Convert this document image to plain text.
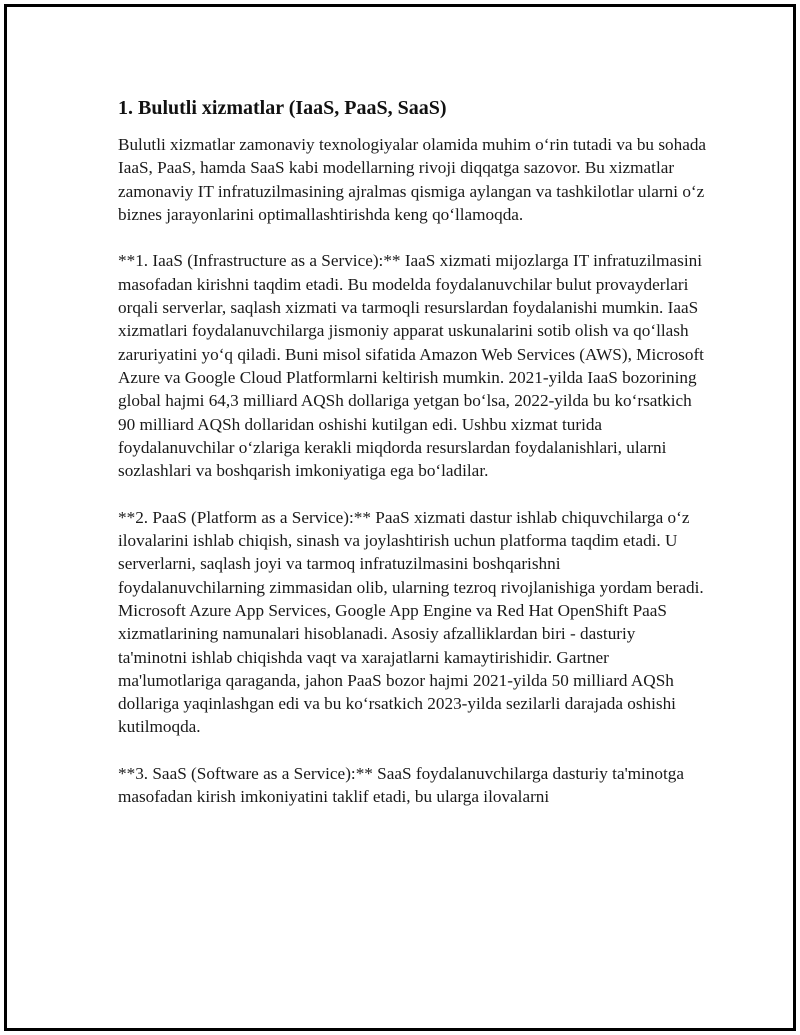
1. Bulutli xizmatlar (IaaS, PaaS, SaaS)

Bulutli xizmatlar zamonaviy texnologiyalar olamida muhim o‘rin tutadi va bu sohada IaaS, PaaS, hamda SaaS kabi modellarning rivoji diqqatga sazovor. Bu xizmatlar zamonaviy IT infratuzilmasining ajralmas qismiga aylangan va tashkilotlar ularni o‘z biznes jarayonlarini optimallashtirishda keng qo‘llamoqda.

**1. IaaS (Infrastructure as a Service):** IaaS xizmati mijozlarga IT infratuzilmasini masofadan kirishni taqdim etadi. Bu modelda foydalanuvchilar bulut provayderlari orqali serverlar, saqlash xizmati va tarmoqli resurslardan foydalanishi mumkin. IaaS xizmatlari foydalanuvchilarga jismoniy apparat uskunalarini sotib olish va qo‘llash zaruriyatini yo‘q qiladi. Buni misol sifatida Amazon Web Services (AWS), Microsoft Azure va Google Cloud Platformlarni keltirish mumkin. 2021-yilda IaaS bozorining global hajmi 64,3 milliard AQSh dollariga yetgan bo‘lsa, 2022-yilda bu ko‘rsatkich 90 milliard AQSh dollaridan oshishi kutilgan edi. Ushbu xizmat turida foydalanuvchilar o‘zlariga kerakli miqdorda resurslardan foydalanishlari, ularni sozlashlari va boshqarish imkoniyatiga ega bo‘ladilar.

**2. PaaS (Platform as a Service):** PaaS xizmati dastur ishlab chiquvchilarga o‘z ilovalarini ishlab chiqish, sinash va joylashtirish uchun platforma taqdim etadi. U serverlarni, saqlash joyi va tarmoq infratuzilmasini boshqarishni foydalanuvchilarning zimmasidan olib, ularning tezroq rivojlanishiga yordam beradi. Microsoft Azure App Services, Google App Engine va Red Hat OpenShift PaaS xizmatlarining namunalari hisoblanadi. Asosiy afzalliklardan biri - dasturiy ta'minotni ishlab chiqishda vaqt va xarajatlarni kamaytirishidir. Gartner ma'lumotlariga qaraganda, jahon PaaS bozor hajmi 2021-yilda 50 milliard AQSh dollariga yaqinlashgan edi va bu ko‘rsatkich 2023-yilda sezilarli darajada oshishi kutilmoqda.

**3. SaaS (Software as a Service):** SaaS foydalanuvchilarga dasturiy ta'minotga masofadan kirish imkoniyatini taklif etadi, bu ularga ilovalarni
